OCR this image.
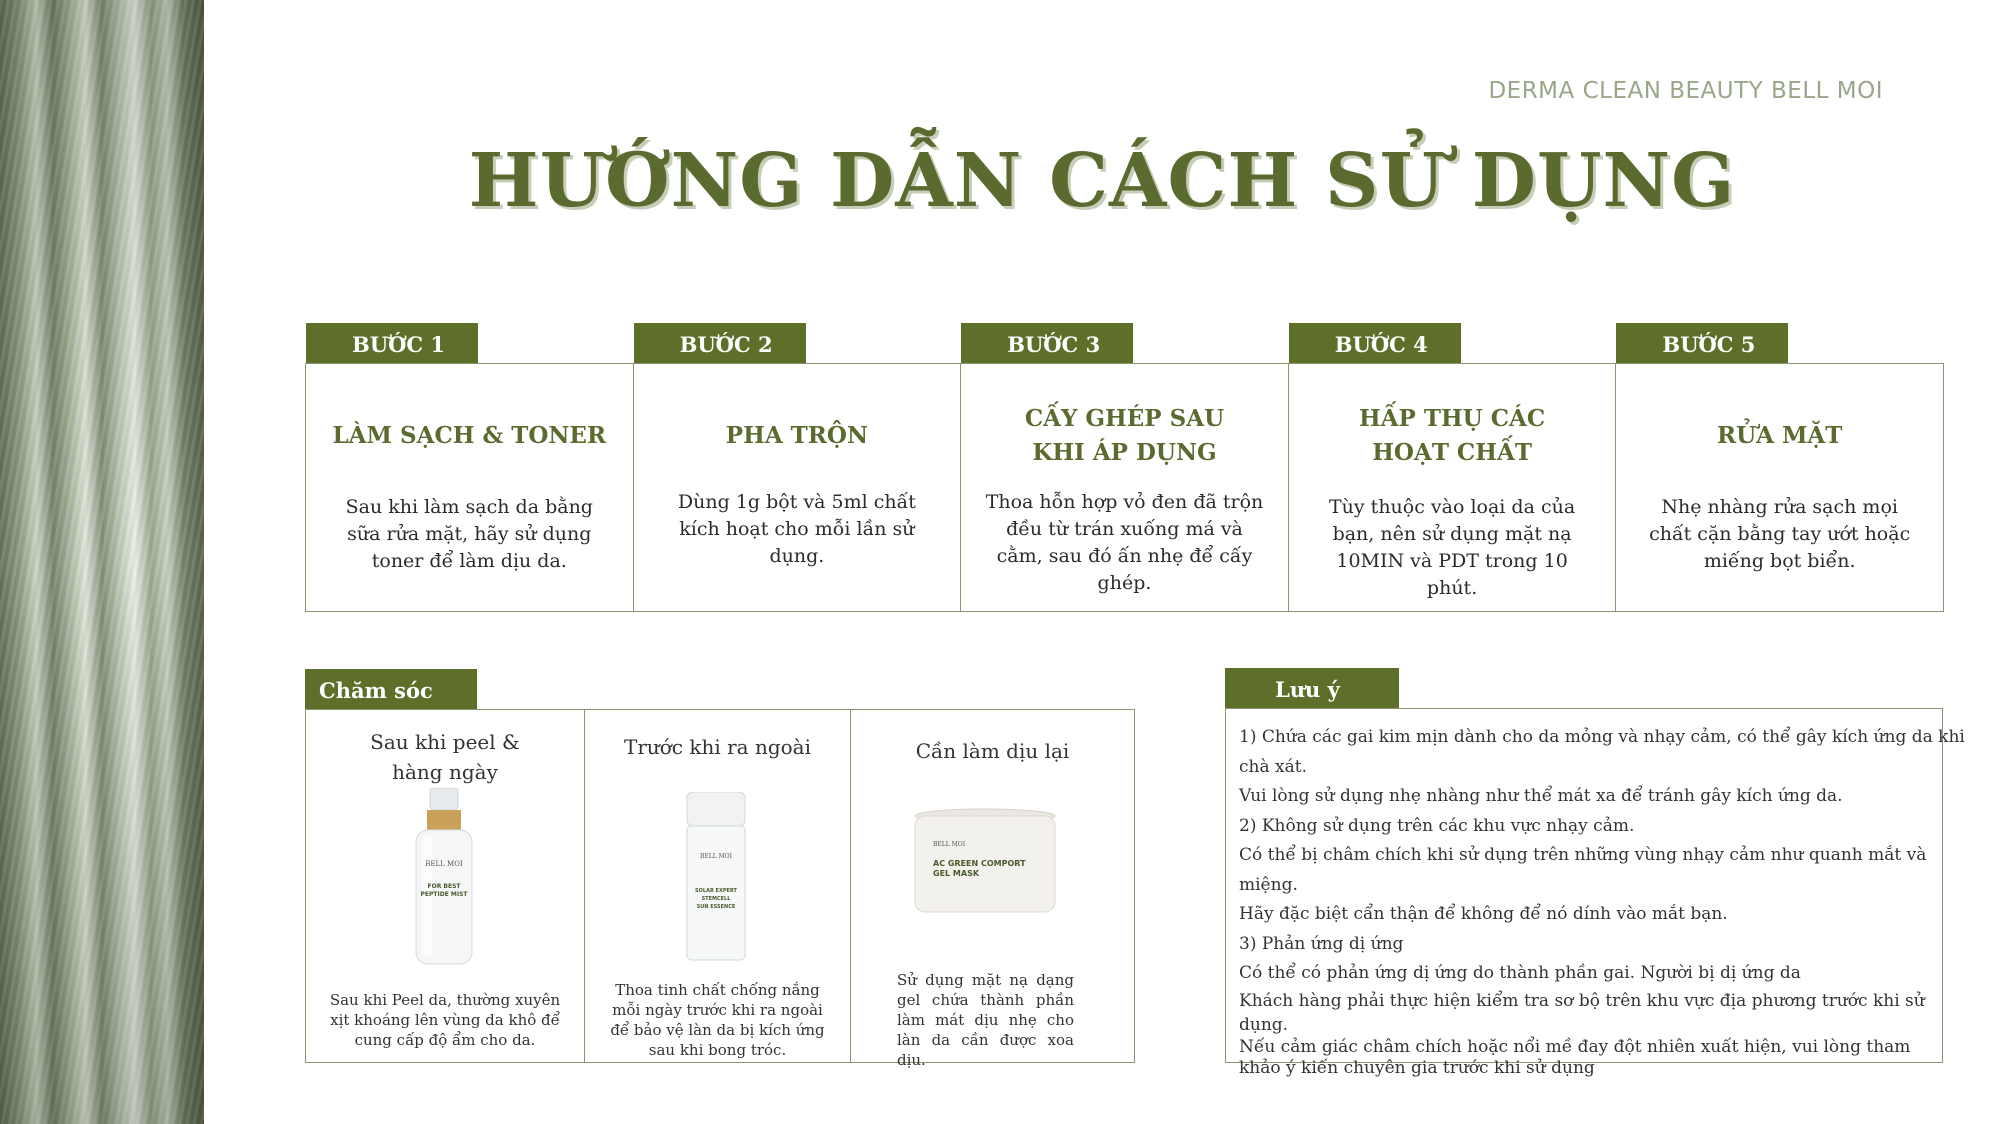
DERMA CLEAN BEAUTY BELL MOI
HƯỚNG DẪN CÁCH SỬ DỤNG
BƯỚC 1
LÀM SẠCH & TONER
Sau khi làm sạch da bằng sữa rửa mặt, hãy sử dụng toner để làm dịu da.
BƯỚC 2
PHA TRỘN
Dùng 1g bột và 5ml chất kích hoạt cho mỗi lần sử dụng.
BƯỚC 3
CẤY GHÉP SAU
KHI ÁP DỤNG
Thoa hỗn hợp vỏ đen đã trộn đều từ trán xuống má và cằm, sau đó ấn nhẹ để cấy ghép.
BƯỚC 4
HẤP THỤ CÁC
HOẠT CHẤT
Tùy thuộc vào loại da của bạn, nên sử dụng mặt nạ 10MIN và PDT trong 10 phút.
BƯỚC 5
RỬA MẶT
Nhẹ nhàng rửa sạch mọi chất cặn bằng tay ướt hoặc miếng bọt biển.
Chăm sóc sau Sau khi peel & hàng ngày
BELL MOI
FOR BEST
PEPTIDE MIST
Sau khi Peel da, thường xuyên xịt khoáng lên vùng da khô để cung cấp độ ẩm cho da.
Trước khi ra ngoài
BELL MOI
SOLAR EXPERT
STEMCELL
SUN ESSENCE
Thoa tinh chất chống nắng mỗi ngày trước khi ra ngoài để bảo vệ làn da bị kích ứng sau khi bong tróc.
Cần làm dịu lại
BELL MOI
AC GREEN COMPORT
GEL MASK
Sử dụng mặt nạ dạng gel chứa thành phần làm mát dịu nhẹ cho làn da cần được xoa dịu.
Lưu ý
1) Chứa các gai kim mịn dành cho da mỏng và nhạy cảm, có thể gây kích ứng da khi
chà xát.
Vui lòng sử dụng nhẹ nhàng như thể mát xa để tránh gây kích ứng da.
2) Không sử dụng trên các khu vực nhạy cảm.
Có thể bị châm chích khi sử dụng trên những vùng nhạy cảm như quanh mắt và
miệng.
Hãy đặc biệt cẩn thận để không để nó dính vào mắt bạn.
3) Phản ứng dị ứng
Có thể có phản ứng dị ứng do thành phần gai. Người bị dị ứng da
Khách hàng phải thực hiện kiểm tra sơ bộ trên khu vực địa phương trước khi sử dụng.
Nếu cảm giác châm chích hoặc nổi mề đay đột nhiên xuất hiện, vui lòng tham khảo ý kiến chuyên gia trước khi sử dụng
